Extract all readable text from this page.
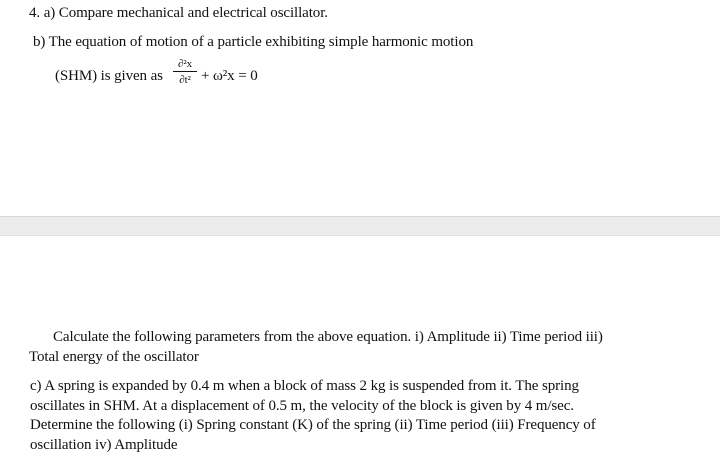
4. a) Compare mechanical and electrical oscillator.
b) The equation of motion of a particle exhibiting simple harmonic motion
(SHM) is given as
∂²x
∂t² + ω²x = 0
Calculate the following parameters from the above equation. i) Amplitude ii) Time period iii)
Total energy of the oscillator
c) A spring is expanded by 0.4 m when a block of mass 2 kg is suspended from it. The spring
oscillates in SHM. At a displacement of 0.5 m, the velocity of the block is given by 4 m/sec.
Determine the following (i) Spring constant (K) of the spring (ii) Time period (iii) Frequency of
oscillation iv) Amplitude
